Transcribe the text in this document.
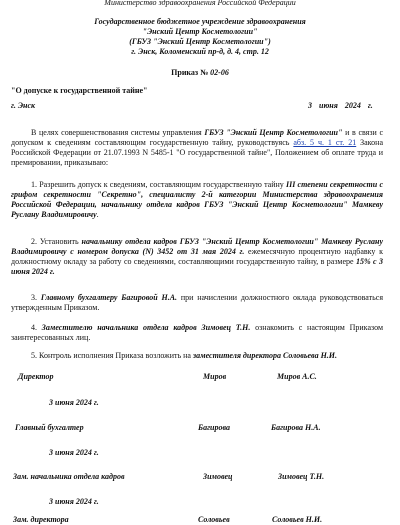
Министерство здравоохранения Российской Федерации
Государственное бюджетное учреждение здравоохранения
"Энский Центр Косметологии"
(ГБУЗ "Энский Центр Косметологии")
г. Энск, Коломенский пр-д, д. 4, стр. 12
Приказ № 02-06
"О допуске к государственной тайне"
г. Энск	3 июня 2024 г.
В целях совершенствования системы управления ГБУЗ "Энский Центр Косметологии" и в связи с допуском к сведениям составляющим государственную тайну, руководствуясь абз. 5 ч. 1 ст. 21 Закона Российской Федерации от 21.07.1993 N 5485-1 "О государственной тайне", Положением об оплате труда и премировании, приказываю:
1. Разрешить допуск к сведениям, составляющим государственную тайну III степени секретности с грифом секретности "Секретно", специалисту 2-й категории Министерства здравоохранения Российской Федерации, начальнику отдела кадров ГБУЗ "Энский Центр Косметологии" Мамкеву Руслану Владимировичу.
2. Установить начальнику отдела кадров ГБУЗ "Энский Центр Косметологии" Мамкеву Руслану Владимировичу с номером допуска (N) 3452 от 31 мая 2024 г. ежемесячную процентную надбавку к должностному окладу за работу со сведениями, составляющими государственную тайну, в размере 15% с 3 июня 2024 г.
3. Главному бухгалтеру Багировой Н.А. при начислении должностного оклада руководствоваться утвержденным Приказом.
4. Заместителю начальника отдела кадров Зимовец Т.Н. ознакомить с настоящим Приказом заинтересованных лиц.
5. Контроль исполнения Приказа возложить на заместителя директора Соловьева Н.И.
Директор	Миров	Миров А.С.
3 июня 2024 г.
Главный бухгалтер	Багирова	Багирова Н.А.
3 июня 2024 г.
Зам. начальника отдела кадров	Зимовец	Зимовец Т.Н.
3 июня 2024 г.
Зам. директора	Соловьев	Соловьев Н.И.
